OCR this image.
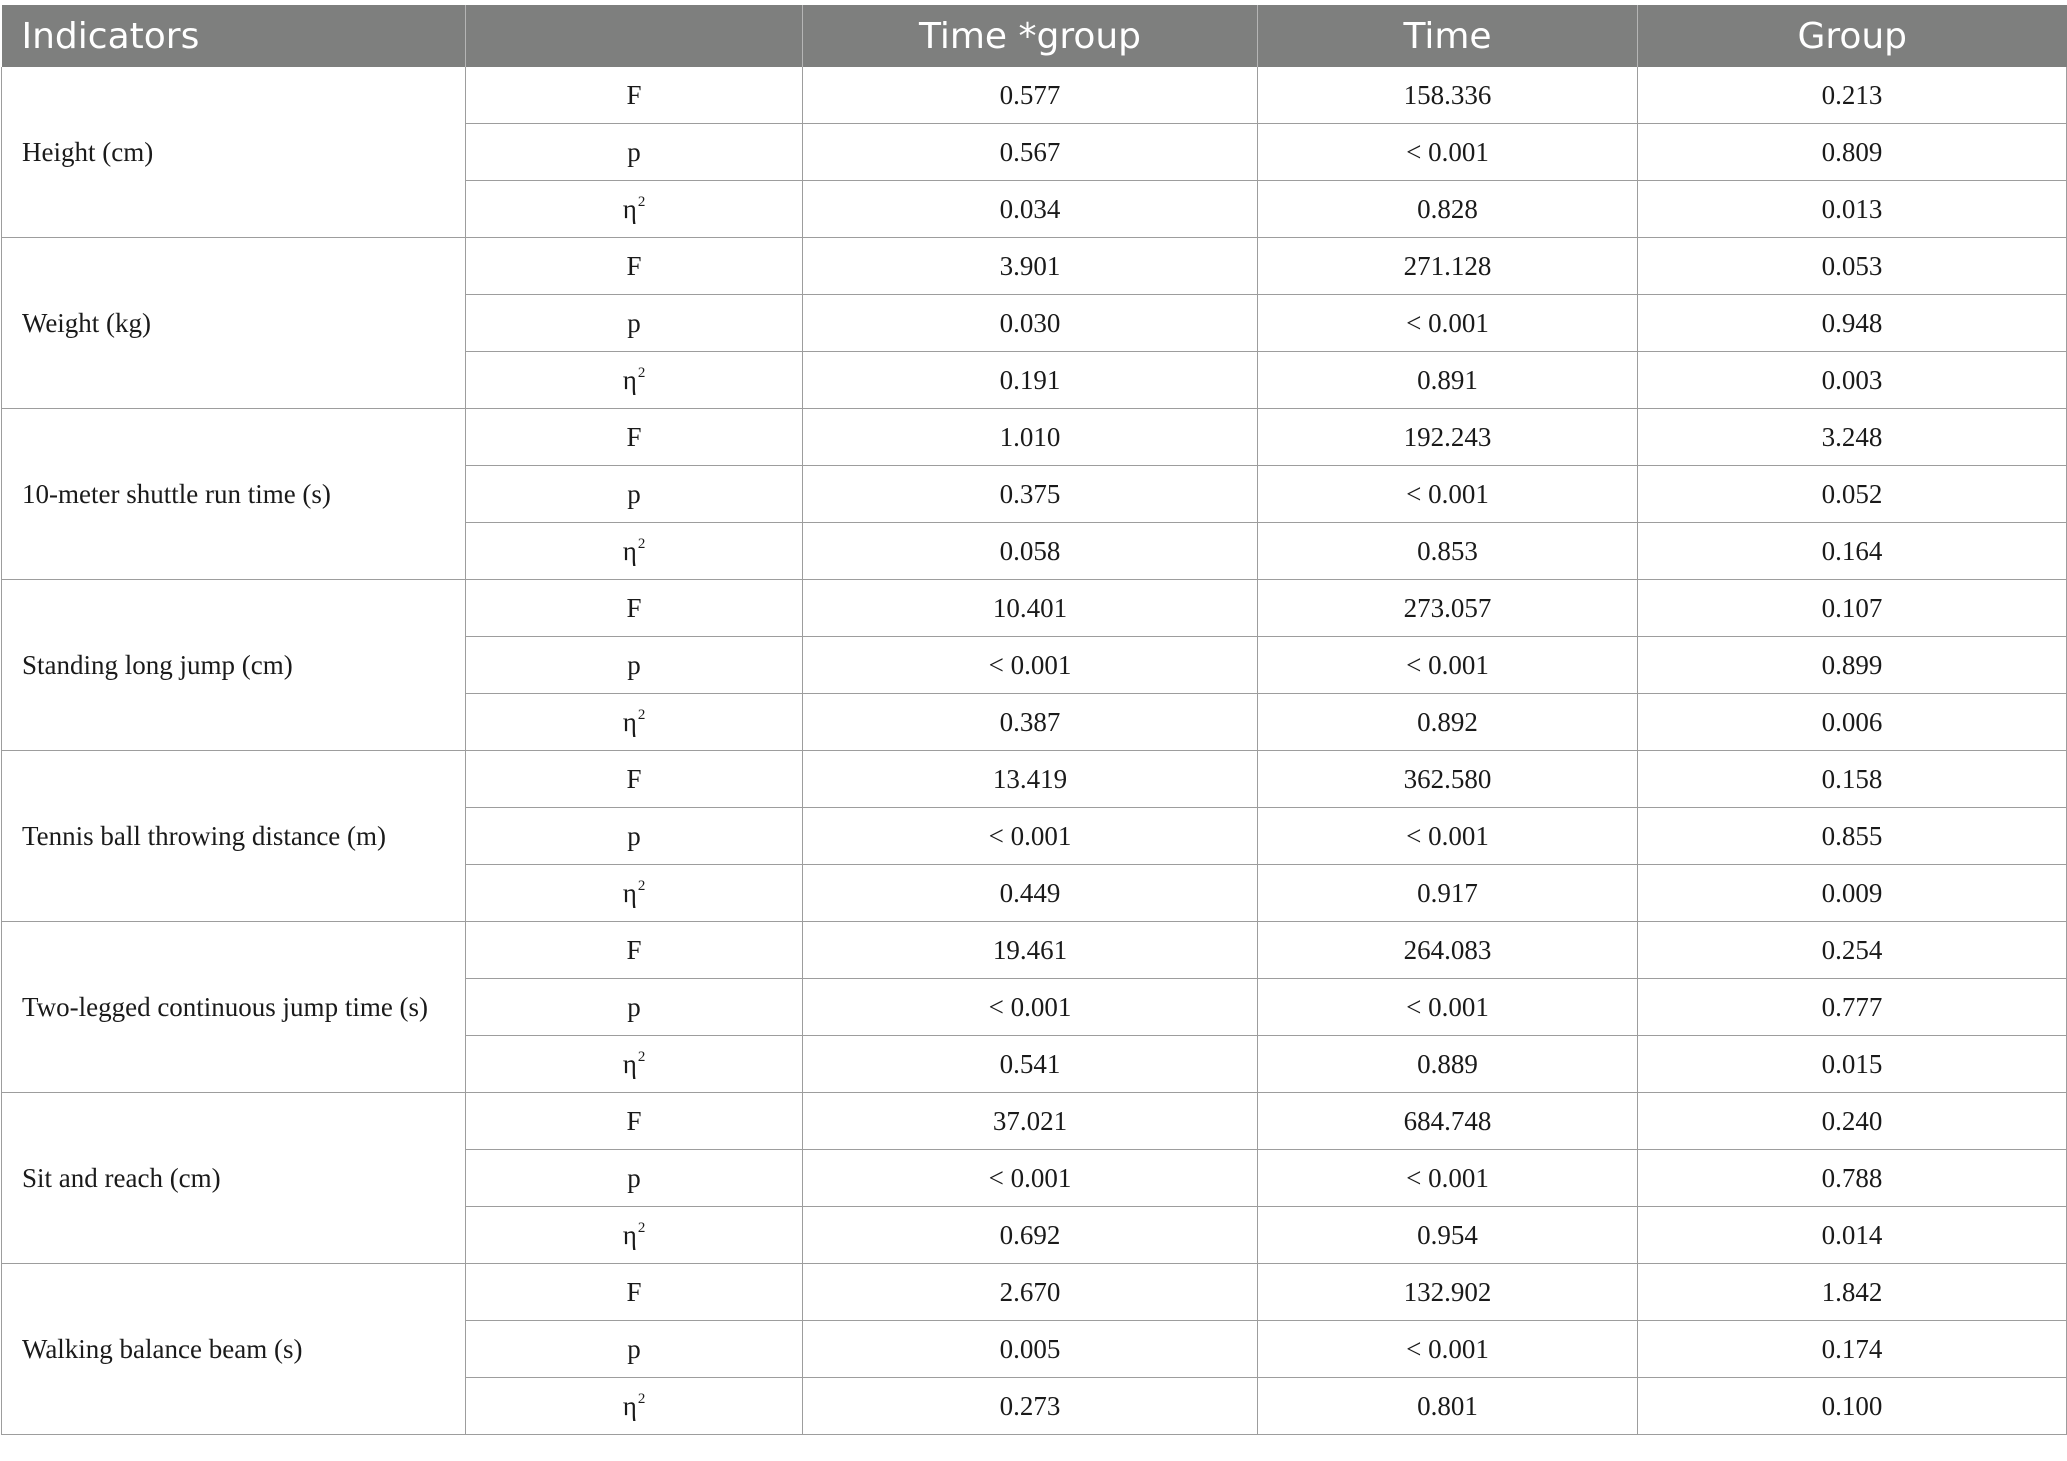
Indicators		Time *group	Time	Group
Height (cm)	F	0.577	158.336	0.213
	p	0.567	< 0.001	0.809
	$\eta^2$	0.034	0.828	0.013
Weight (kg)	F	3.901	271.128	0.053
	p	0.030	< 0.001	0.948
	$\eta^2$	0.191	0.891	0.003
10-meter shuttle run time (s)	F	1.010	192.243	3.248
	p	0.375	< 0.001	0.052
	$\eta^2$	0.058	0.853	0.164
Standing long jump (cm)	F	10.401	273.057	0.107
	p	< 0.001	< 0.001	0.899
	$\eta^2$	0.387	0.892	0.006
Tennis ball throwing distance (m)	F	13.419	362.580	0.158
	p	< 0.001	< 0.001	0.855
	$\eta^2$	0.449	0.917	0.009
Two-legged continuous jump time (s)	F	19.461	264.083	0.254
	p	< 0.001	< 0.001	0.777
	$\eta^2$	0.541	0.889	0.015
Sit and reach (cm)	F	37.021	684.748	0.240
	p	< 0.001	< 0.001	0.788
	$\eta^2$	0.692	0.954	0.014
Walking balance beam (s)	F	2.670	132.902	1.842
	p	0.005	< 0.001	0.174
	$\eta^2$	0.273	0.801	0.100
